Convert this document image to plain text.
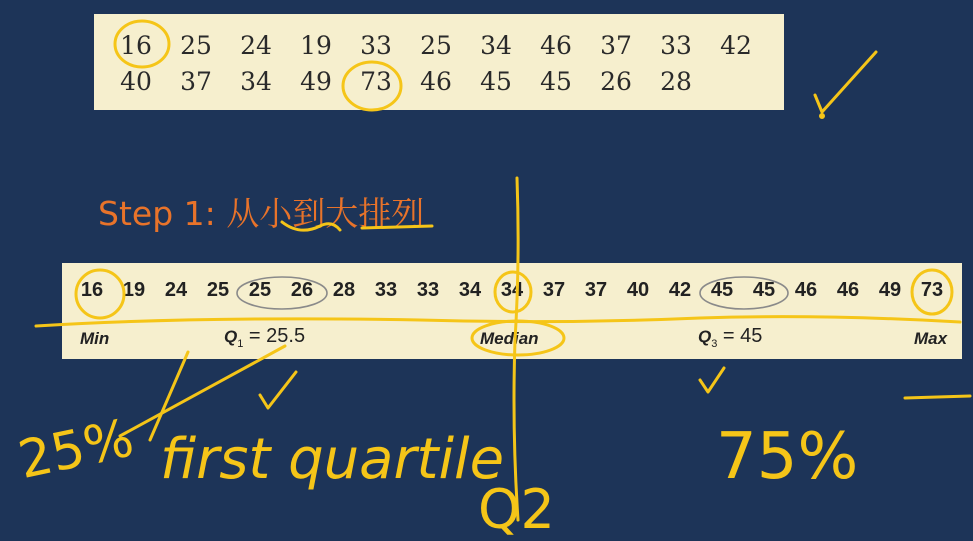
16 25 24 19 33 25 34 46 37 33 42
40 37 34 49 73 46 45 45 26 28
Step 1: 从小到大排列
16 19 24 25 25 26 28 33 33 34 34 37 37 40 42 45 45 46 46 49 73
Min	$Q_1 = 25.5$	Median	$Q_3 = 45$	Max
25% first quartile	75%
Q2
